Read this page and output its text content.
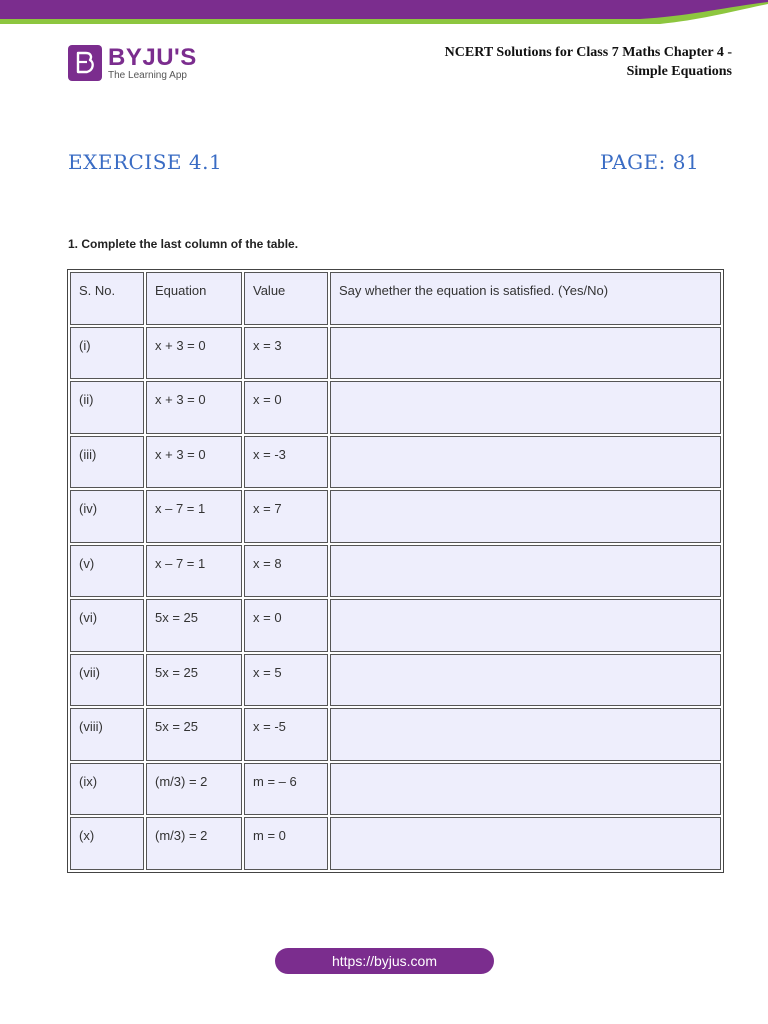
BYJU'S
The Learning App
NCERT Solutions for Class 7 Maths Chapter 4 -
Simple Equations
EXERCISE 4.1	PAGE: 81
1. Complete the last column of the table.
S. No.	Equation	Value	Say whether the equation is satisfied. (Yes/No)
(i)	x + 3 = 0	x = 3	
(ii)	x + 3 = 0	x = 0	
(iii)	x + 3 = 0	x = -3	
(iv)	x – 7 = 1	x = 7	
(v)	x – 7 = 1	x = 8	
(vi)	5x = 25	x = 0	
(vii)	5x = 25	x = 5	
(viii)	5x = 25	x = -5	
(ix)	(m/3) = 2	m = – 6	
(x)	(m/3) = 2	m = 0	
https://byjus.com
